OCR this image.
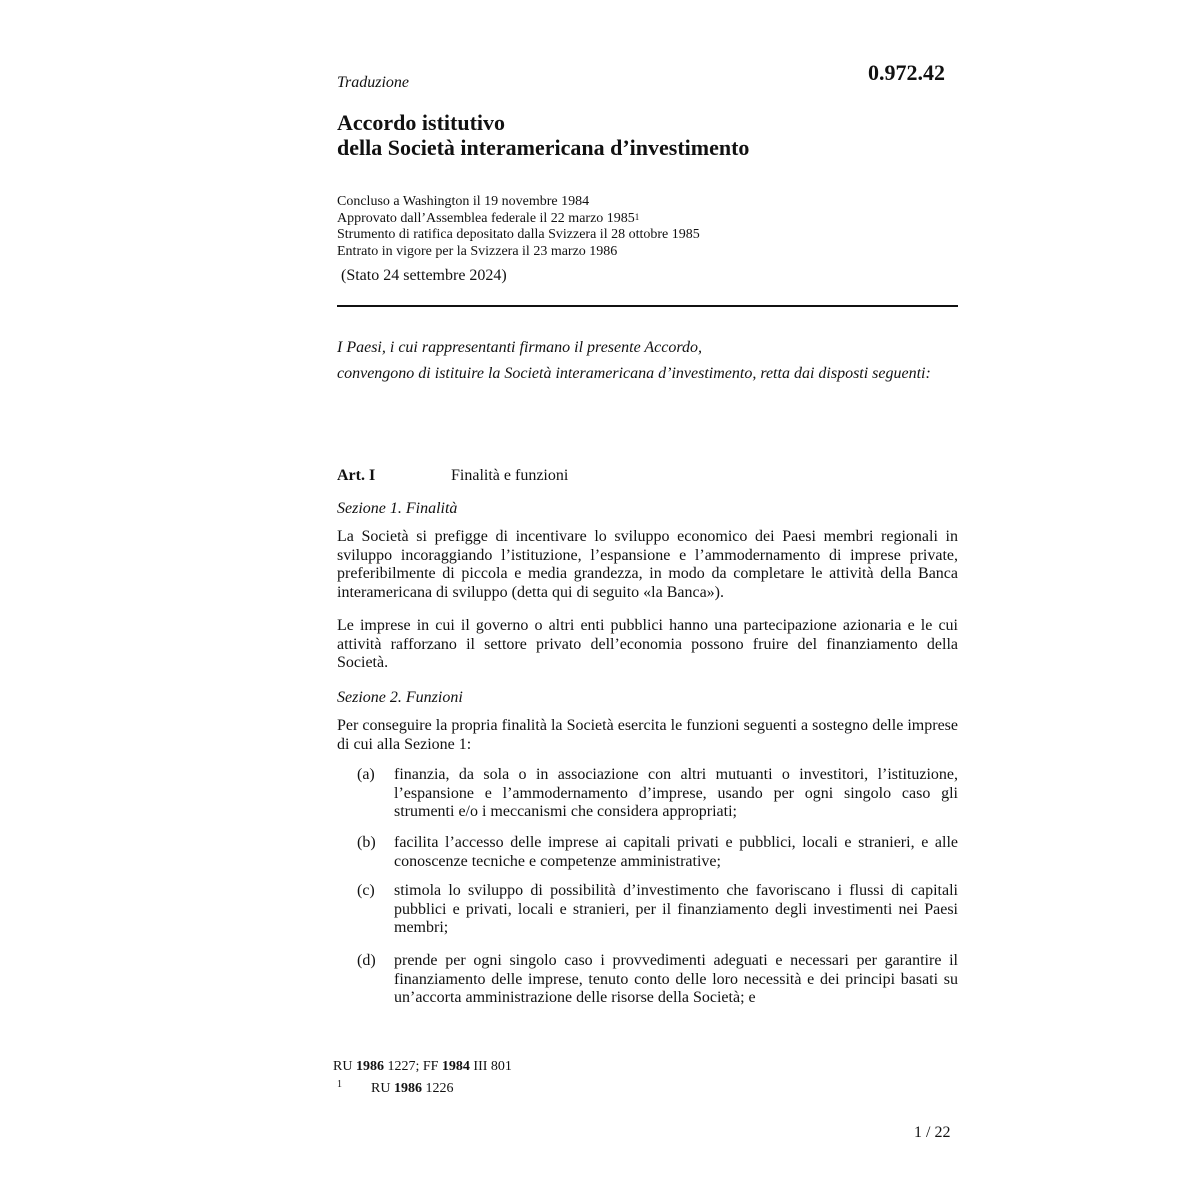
0.972.42
Traduzione
Accordo istitutivo
della Società interamericana d’investimento
Concluso a Washington il 19 novembre 1984
Approvato dall’Assemblea federale il 22 marzo 1985$^1$
Strumento di ratifica depositato dalla Svizzera il 28 ottobre 1985
Entrato in vigore per la Svizzera il 23 marzo 1986
(Stato 24 settembre 2024)
I Paesi, i cui rappresentanti firmano il presente Accordo,
convengono di istituire la Società interamericana d’investimento, retta dai disposti seguenti:
Art. I	Finalità e funzioni
Sezione 1. Finalità
La Società si prefigge di incentivare lo sviluppo economico dei Paesi membri regionali in sviluppo incoraggiando l’istituzione, l’espansione e l’ammodernamento di imprese private, preferibilmente di piccola e media grandezza, in modo da completare le attività della Banca interamericana di sviluppo (detta qui di seguito «la Banca»).
Le imprese in cui il governo o altri enti pubblici hanno una partecipazione azionaria e le cui attività rafforzano il settore privato dell’economia possono fruire del finanziamento della Società.
Sezione 2. Funzioni
Per conseguire la propria finalità la Società esercita le funzioni seguenti a sostegno delle imprese di cui alla Sezione 1:
(a)	finanzia, da sola o in associazione con altri mutuanti o investitori, l’istituzione, l’espansione e l’ammodernamento d’imprese, usando per ogni singolo caso gli strumenti e/o i meccanismi che considera appropriati;
(b)	facilita l’accesso delle imprese ai capitali privati e pubblici, locali e stranieri, e alle conoscenze tecniche e competenze amministrative;
(c)	stimola lo sviluppo di possibilità d’investimento che favoriscano i flussi di capitali pubblici e privati, locali e stranieri, per il finanziamento degli investimenti nei Paesi membri;
(d)	prende per ogni singolo caso i provvedimenti adeguati e necessari per garantire il finanziamento delle imprese, tenuto conto delle loro necessità e dei principi basati su un’accorta amministrazione delle risorse della Società; e
RU 1986 1227; FF 1984 III 801
1 RU 1986 1226
1 / 22
